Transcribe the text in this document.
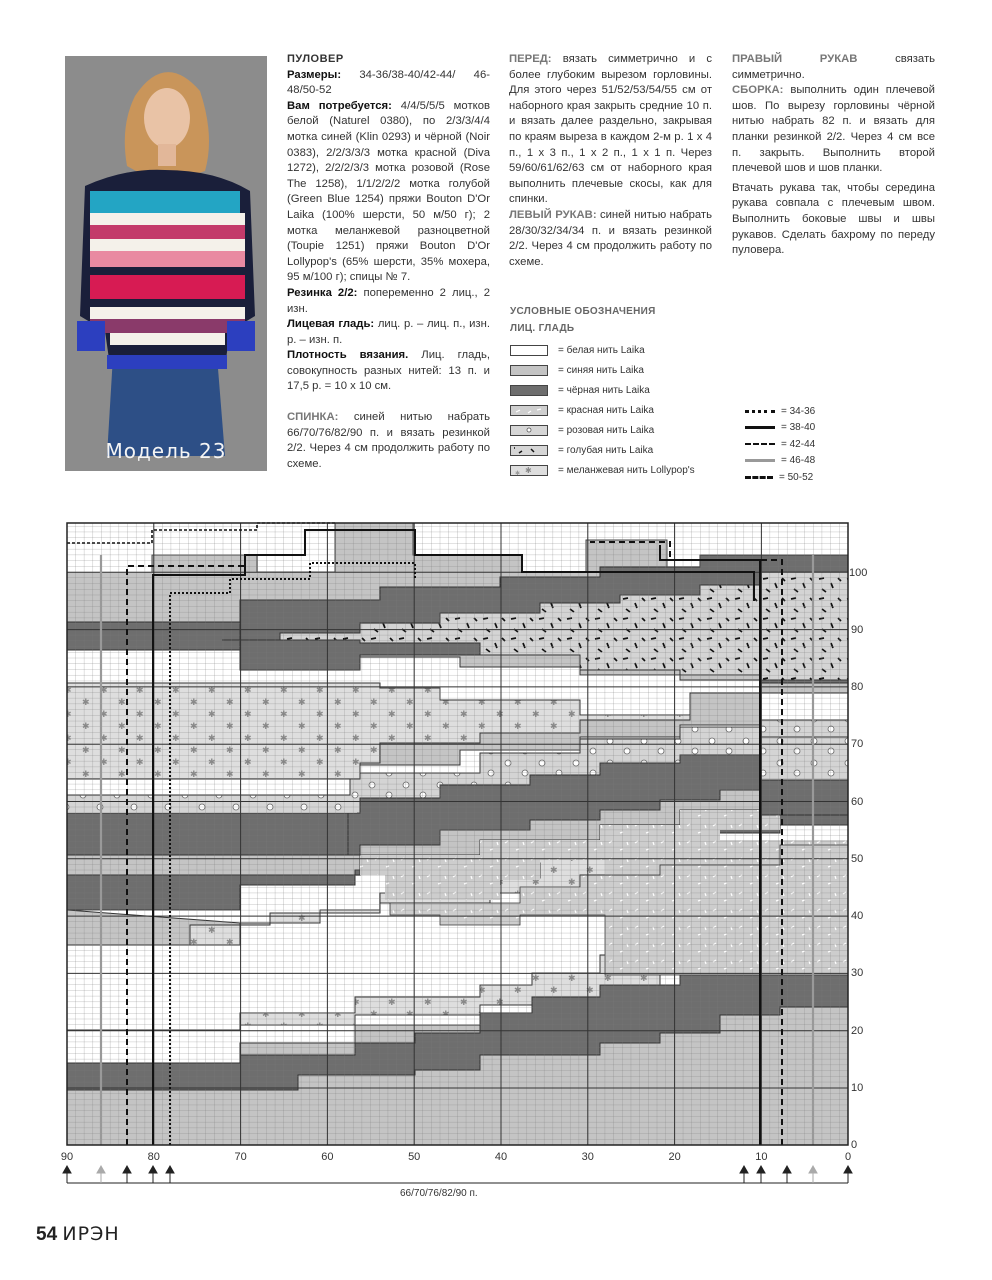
Модель 23

ПУЛОВЕР

Размеры: 34-36/38-40/42-44/ 46-48/50-52

Вам потребуется: 4/4/5/5/5 мотков белой (Naturel 0380), по 2/3/3/4/4 мотка синей (Klin 0293) и чёрной (Noir 0383), 2/2/3/3/3 мотка красной (Diva 1272), 2/2/2/3/3 мотка розовой (Rose The 1258), 1/1/2/2/2 мотка голубой (Green Blue 1254) пряжи Bouton D'Or Laika (100% шерсти, 50 м/50 г); 2 мотка меланжевой разноцветной (Toupie 1251) пряжи Bouton D'Or Lollypop's (65% шерсти, 35% мохера, 95 м/100 г); спицы № 7.

Резинка 2/2: попеременно 2 лиц., 2 изн.

Лицевая гладь: лиц. р. – лиц. п., изн. р. – изн. п.

Плотность вязания. Лиц. гладь, совокупность разных нитей: 13 п. и 17,5 р. = 10 x 10 см.

СПИНКА: синей нитью набрать 66/70/76/82/90 п. и вязать резинкой 2/2. Через 4 см продолжить работу по схеме.

ПЕРЕД: вязать симметрично и с более глубоким вырезом горловины. Для этого через 51/52/53/54/55 см от наборного края закрыть средние 10 п. и вязать далее раздельно, закрывая по краям выреза в каждом 2-м р. 1 х 4 п., 1 х 3 п., 1 х 2 п., 1 х 1 п. Через 59/60/61/62/63 см от наборного края выполнить плечевые скосы, как для спинки.

ЛЕВЫЙ РУКАВ: синей нитью набрать 28/30/32/34/34 п. и вязать резинкой 2/2. Через 4 см продолжить работу по схеме.

ПРАВЫЙ РУКАВ	связать симметрично.

СБОРКА: выполнить один плечевой шов. По вырезу горловины чёрной нитью набрать 82 п. и вязать для планки резинкой 2/2. Через 4 см все п. закрыть. Выполнить второй плечевой шов и шов планки.

Втачать рукава так, чтобы середина рукава совпала с плечевым швом. Выполнить боковые швы и швы рукавов. Сделать бахрому по переду пуловера.

УСЛОВНЫЕ ОБОЗНАЧЕНИЯ
ЛИЦ. ГЛАДЬ
= белая нить Laika
= синяя нить Laika
= чёрная нить Laika
= красная нить Laika
= розовая нить Laika
= голубая нить Laika
✱
✱	= меланжевая нить Lollypop's
= 34-36
= 38-40
= 42-44
= 46-48
= 50-52
0
10
20
30
40
50
60
70
80
90
100
90	80	70	60	50	40	30	20	10	0
66/70/76/82/90 п.
54 ИРЭН
